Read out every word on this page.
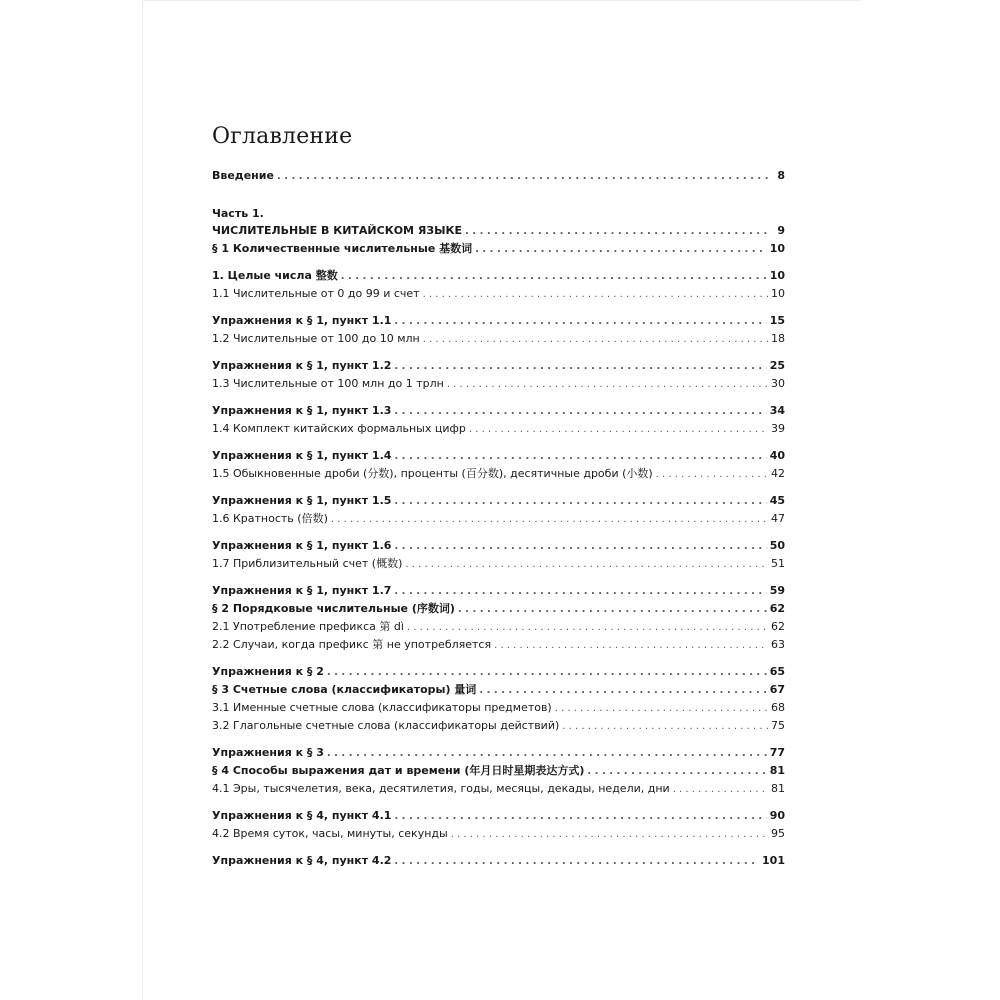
Оглавление
Введение . . .	8
Часть 1.
ЧИСЛИТЕЛЬНЫЕ В КИТАЙСКОМ ЯЗЫКЕ . . .	9
§ 1 Количественные числительные 基数词 . . .	10
1. Целые числа 整数 . . .	10
1.1 Числительные от 0 до 99 и счет . . .	10
Упражнения к § 1, пункт 1.1 . . .	15
1.2 Числительные от 100 до 10 млн . . .	18
Упражнения к § 1, пункт 1.2 . . .	25
1.3 Числительные от 100 млн до 1 трлн . . .	30
Упражнения к § 1, пункт 1.3 . . .	34
1.4 Комплект китайских формальных цифр . . .	39
Упражнения к § 1, пункт 1.4 . . .	40
1.5 Обыкновенные дроби (分数), проценты (百分数), десятичные дроби (小数) . . .	42
Упражнения к § 1, пункт 1.5 . . .	45
1.6 Кратность (倍数) . . .	47
Упражнения к § 1, пункт 1.6 . . .	50
1.7 Приблизительный счет (概数) . . .	51
Упражнения к § 1, пункт 1.7 . . .	59
§ 2 Порядковые числительные (序数词) . . .	62
2.1 Употребление префикса 第 dì . . .	62
2.2 Случаи, когда префикс 第 не употребляется . . .	63
Упражнения к § 2 . . .	65
§ 3 Счетные слова (классификаторы) 量词 . . .	67
3.1 Именные счетные слова (классификаторы предметов) . . .	68
3.2 Глагольные счетные слова (классификаторы действий) . . .	75
Упражнения к § 3 . . .	77
§ 4 Способы выражения дат и времени (年月日时星期表达方式) . . .	81
4.1 Эры, тысячелетия, века, десятилетия, годы, месяцы, декады, недели, дни . . .	81
Упражнения к § 4, пункт 4.1 . . .	90
4.2 Время суток, часы, минуты, секунды . . .	95
Упражнения к § 4, пункт 4.2 . . .	101
